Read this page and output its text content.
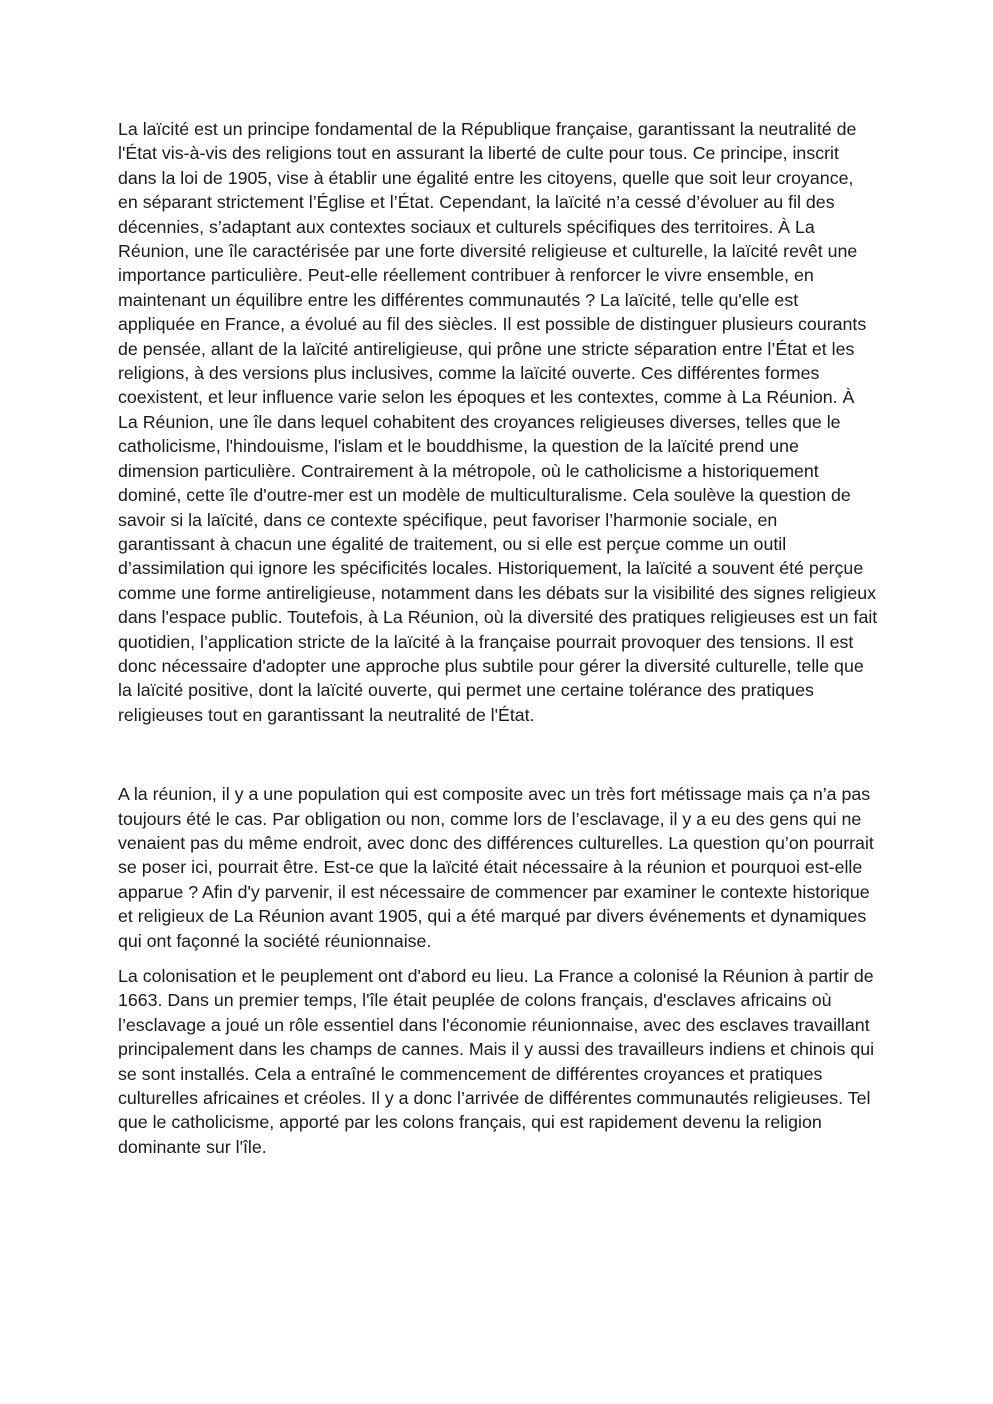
La laïcité est un principe fondamental de la République française, garantissant la neutralité de l'État vis-à-vis des religions tout en assurant la liberté de culte pour tous. Ce principe, inscrit dans la loi de 1905, vise à établir une égalité entre les citoyens, quelle que soit leur croyance, en séparant strictement l’Église et l’État. Cependant, la laïcité n’a cessé d’évoluer au fil des décennies, s’adaptant aux contextes sociaux et culturels spécifiques des territoires. À La Réunion, une île caractérisée par une forte diversité religieuse et culturelle, la laïcité revêt une importance particulière. Peut-elle réellement contribuer à renforcer le vivre ensemble, en maintenant un équilibre entre les différentes communautés ? La laïcité, telle qu'elle est appliquée en France, a évolué au fil des siècles. Il est possible de distinguer plusieurs courants de pensée, allant de la laïcité antireligieuse, qui prône une stricte séparation entre l’État et les religions, à des versions plus inclusives, comme la laïcité ouverte. Ces différentes formes coexistent, et leur influence varie selon les époques et les contextes, comme à La Réunion. À La Réunion, une île dans lequel cohabitent des croyances religieuses diverses, telles que le catholicisme, l'hindouisme, l'islam et le bouddhisme, la question de la laïcité prend une dimension particulière. Contrairement à la métropole, où le catholicisme a historiquement dominé, cette île d'outre-mer est un modèle de multiculturalisme. Cela soulève la question de savoir si la laïcité, dans ce contexte spécifique, peut favoriser l’harmonie sociale, en garantissant à chacun une égalité de traitement, ou si elle est perçue comme un outil d’assimilation qui ignore les spécificités locales. Historiquement, la laïcité a souvent été perçue comme une forme antireligieuse, notamment dans les débats sur la visibilité des signes religieux dans l'espace public. Toutefois, à La Réunion, où la diversité des pratiques religieuses est un fait quotidien, l’application stricte de la laïcité à la française pourrait provoquer des tensions. Il est donc nécessaire d'adopter une approche plus subtile pour gérer la diversité culturelle, telle que la laïcité positive, dont la laïcité ouverte, qui permet une certaine tolérance des pratiques religieuses tout en garantissant la neutralité de l'État.

A la réunion, il y a une population qui est composite avec un très fort métissage mais ça n’a pas toujours été le cas. Par obligation ou non, comme lors de l’esclavage, il y a eu des gens qui ne venaient pas du même endroit, avec donc des différences culturelles. La question qu’on pourrait se poser ici, pourrait être. Est-ce que la laïcité était nécessaire à la réunion et pourquoi est-elle apparue ? Afin d'y parvenir, il est nécessaire de commencer par examiner le contexte historique et religieux de La Réunion avant 1905, qui a été marqué par divers événements et dynamiques qui ont façonné la société réunionnaise.

La colonisation et le peuplement ont d'abord eu lieu. La France a colonisé la Réunion à partir de 1663. Dans un premier temps, l'île était peuplée de colons français, d'esclaves africains où l’esclavage a joué un rôle essentiel dans l'économie réunionnaise, avec des esclaves travaillant principalement dans les champs de cannes. Mais il y aussi des travailleurs indiens et chinois qui se sont installés. Cela a entraîné le commencement de différentes croyances et pratiques culturelles africaines et créoles. Il y a donc l’arrivée de différentes communautés religieuses. Tel que le catholicisme, apporté par les colons français, qui est rapidement devenu la religion dominante sur l'île.
